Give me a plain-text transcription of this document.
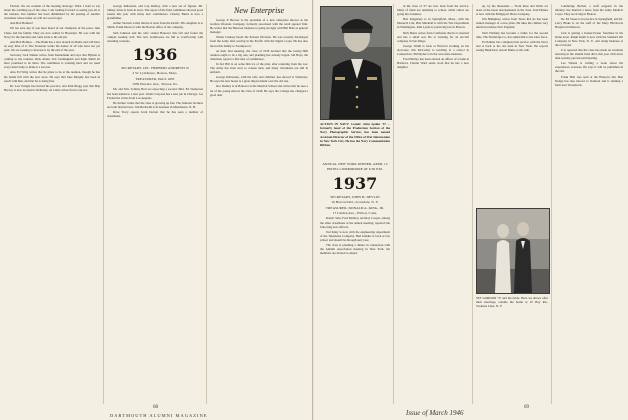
Florida. We are resident of the housing shortage. What I want to say about the warming up of the class. I am looking forward to seeing you all at the reunion. Our number has been diminished by the passing of another classmate whose name we will not soon forget.

And Bob Holmes?

I'm not sure any of you have heard of our champion of the press, Jake Chase and his family. They are now settled in Brooklyn. He was with the Navy for the duration and came back to his old job.

And Bob Holmes ... The Bank has a new branch in Maine and will have an easy time of it. The Treasurer wants the names of all who have not yet paid. We are looking to increase it by the end of the year.

Secretary Jack Walker writes from Kennebunk and says that Hymen is coming to the reunion. Dick Alden, Ted Cunningham and Kiph Smith all have promised to be there. The committee is working hard and we need every man's help to make it a success.

Also Ed Wing writes that he plans to be at the reunion, though he has his hands full with the new store. He says that Jake Murphy has been in touch with him, and that he is doing fine.

Dr. Lew Pringle has moved his practice, and John Bragg says that Hap Harvey is now located in Wellesley. Al Curtis writes from Concord.

George Kilbourne, and Cap Dudley, with a new set of figures. Mr. Sidney Jones is back in town. The report of the fund committee showed good results this year with many new contributors. Charley Burns is now a grandfather.

Arthur Stratton writes that he is back from the Pacific. His daughter is at Smith. Frank Morse is with the Boston office of the company.

Sam Johnson and his wife visited Hanover this fall and found the campus looking well. The new dormitories are full to overflowing with returning veterans.

1936
SECRETARY, CPL. HERBERT ANDREWS II
2 W. Lynthorpe, Boston, Mass.
TREASURER, PAUL GEE
1930 Pinelaw Ave., Sharon, Pa.

Mr. and Mrs. Tommy Bolt are expecting a second child. Ed Sanderson has been named to a new post. Walter Grayson has a new job in Chicago. Joe Fredericks writes from Los Angeles.

He further writes that the class is growing up fast. The Sanborn brothers are both married now. Jim Beckwith is in business in Manchester, N. H.

Dave Tracy reports from Detroit that he has seen a number of classmates.

New Enterprise

George P. Brewer is the president of a new enterprise known as the Grafton Woolens Company, formerly associated with the retail apparel firm. He writes that the Hanover business is going strongly with Bill Hale as general manager.

Walter Lindsay heads the Eastern Division. He was recently discharged from the Army after serving in the Pacific with the Signal Corps. He has also moved his family to Swampscott.

At their first meeting, the class of 1936 decided that the twenty-fifth reunion ought to be a big one, and planning has already begun. Sid Hays, the chairman, reports a full slate of committees.

In fact Bill is on some thin ice of the plan, after returning from the war. The Army has been slow to release men, and many classmates are still in uniform.

George Kilbourne, with his wife and children, has moved to Wellesley. He says the new house is a great improvement over the old one.

Doc Dudley is in Hanover at the Medical School and writes that he sees a lot of the young men in the class of 1946. He says the College has changed a good deal.

68
DARTMOUTH ALUMNI MAGAZINE
ACTION IN NAVY: Comdr. John Spahn '37 ... formerly head of the Production Section of the Navy Photographic Service, has been named Assistant Director of the Office of War Information in New York City. He has the Navy Commendation Ribbon.
ANNUAL NEW YORK DINNER, APRIL 12
HOTEL COMMODORE AT 6:30 P.M.
1937
SECRETARY, JOHN H. DEVLIN
16 Harvard Rd., Scarsdale, N. Y.
TREASURER, DONALD A. KING, JR.
17 Linden Ave., Wilton, Conn.

Robert Sain, Fred Mallory, and Ray Cooper, among the other classmates at the annual meeting, reported the following new officers.

Ted Kiley is now with the engineering department of the Telephone Company. Bud Jenkins is back at law school and should be through next year.

The class is planning a dinner in connection with the Alumni Association meeting in New York. All members are invited to attend.

in the class of '37 are now back from the service. Many of them are returning to school, while others are going into business.

Bob Kingsbury is in Springfield, Mass., with the Monarch Life. Bob Marshall is with the War Department in Washington. John Lyons is practicing law in Boston.

Dick Barns writes from California that he is married and has a small son. He is working for an aircraft company in San Diego.

George Smith is back at Harvard working on his doctorate. Jim McCarthy is teaching at a school in Connecticut. Phil Ryder is in the real estate business.

Fred Hartley has been elected an officer of a bank in Hartford. Charlie Ward sends word that he has a new daughter.

up, by the thousands ... From Ross and Wells we learn of the latest developments in the class. Tom Haines is now with the Bridgeport Brass Company.

Jim Humphrey writes from Texas that he has been named manager of a new plant. He likes the climate very much but misses New England.

Walt Fleming has become a father for the second time. The Sturbridge Co. has added him to the sales force.

Ed Palmer has completed his service with the Navy and is back at his old desk in New York. He reports seeing Hank Dow and Al Burke at the club.

SET GORDON '37 and his bride. Here we shows after their marriage, outside his home at 67 Bay Rd., Swansea Lake, N. Y.

Cambridge Bechel, a staff sergeant in the infantry, has married a nurse from the Army Medical Corps. They are living in Boston.

Dr. Ed Sweet is in practice in Springfield, and Dr. Larry Blake is on the staff of the Mary Hitchcock Hospital in Hanover.

Jack is getting a Kaiser-Frazer franchise in his home town. Ralph Keith is now with the Standard Oil Company in New York, N. Y., and doing business at the old stand.

It is reported that the class has made an excellent showing in the alumni fund drive this year with more than seventy percent participating.

Lee Wilson is writing a book about his experiences overseas. He says it will be published in the fall.

Frank Hall was seen at the Hanover Inn. Ben Dodge has also moved to Vermont and is running a farm near Woodstock.

Issue of March 1946
69
